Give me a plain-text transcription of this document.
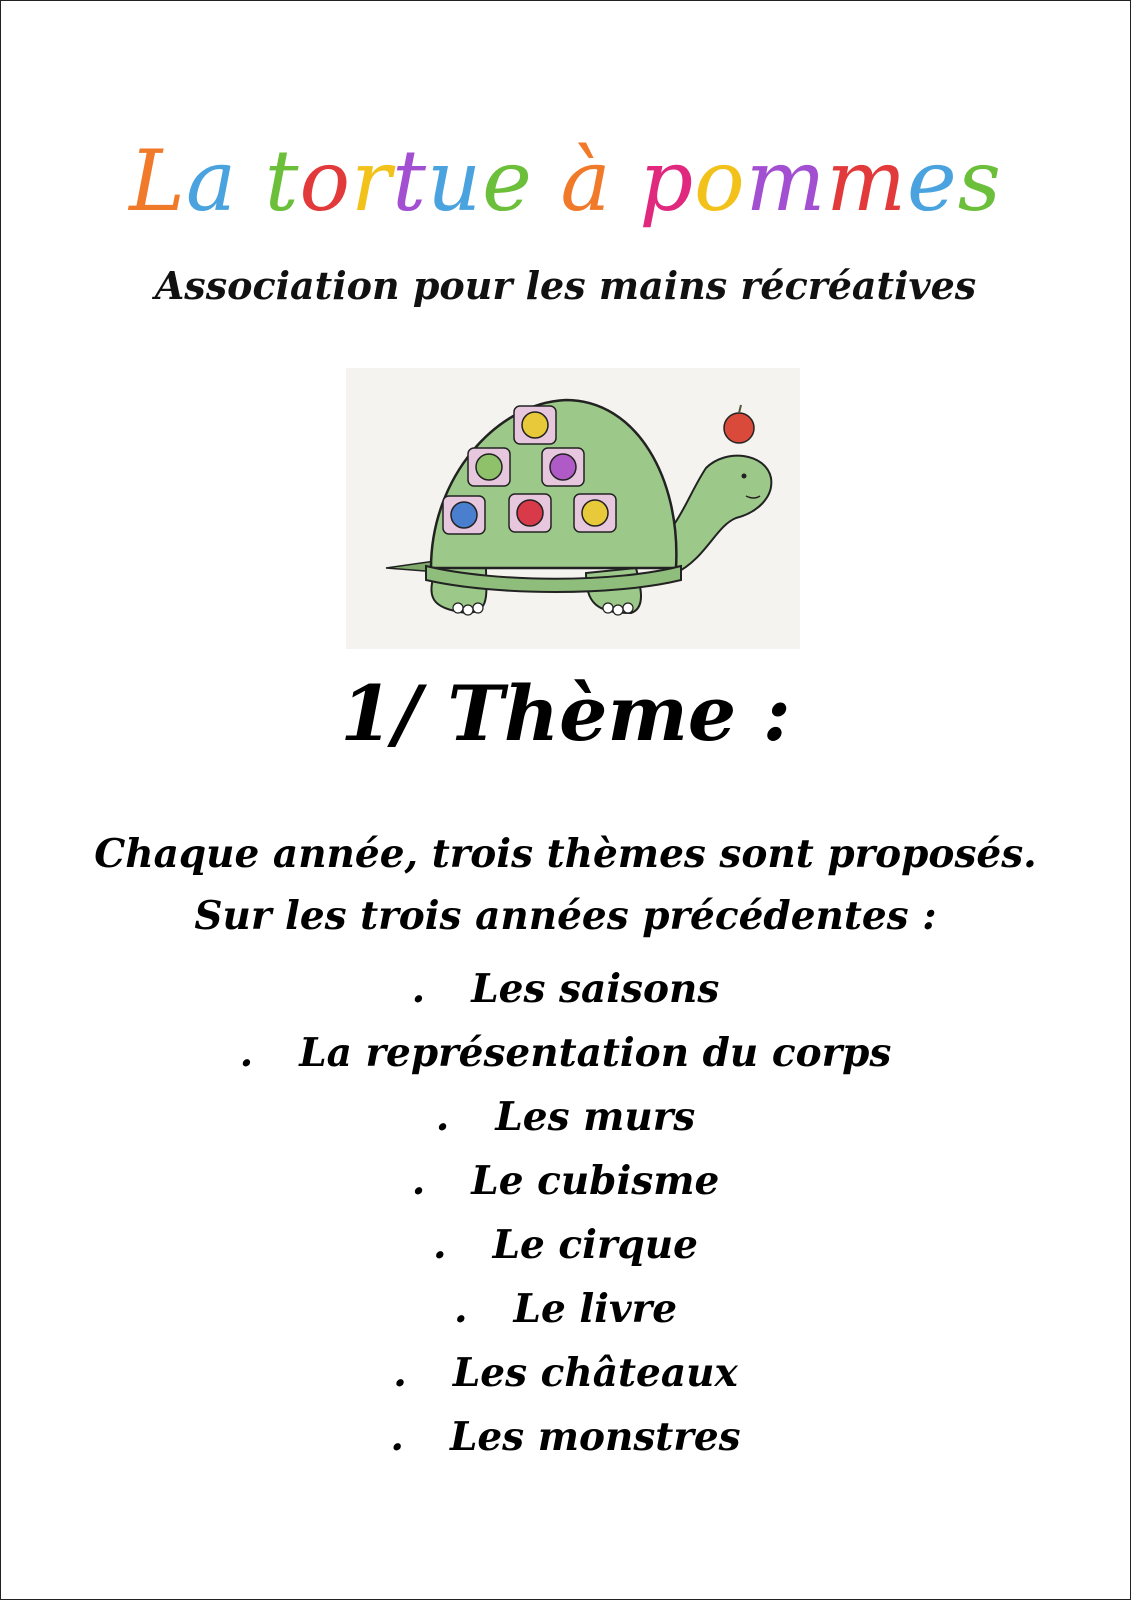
La tortue à pommes
Association pour les mains récréatives
1/ Thème :
Chaque année, trois thèmes sont proposés.
Sur les trois années précédentes :
. Les saisons
. La représentation du corps
. Les murs
. Le cubisme
. Le cirque
. Le livre
. Les châteaux
. Les monstres
